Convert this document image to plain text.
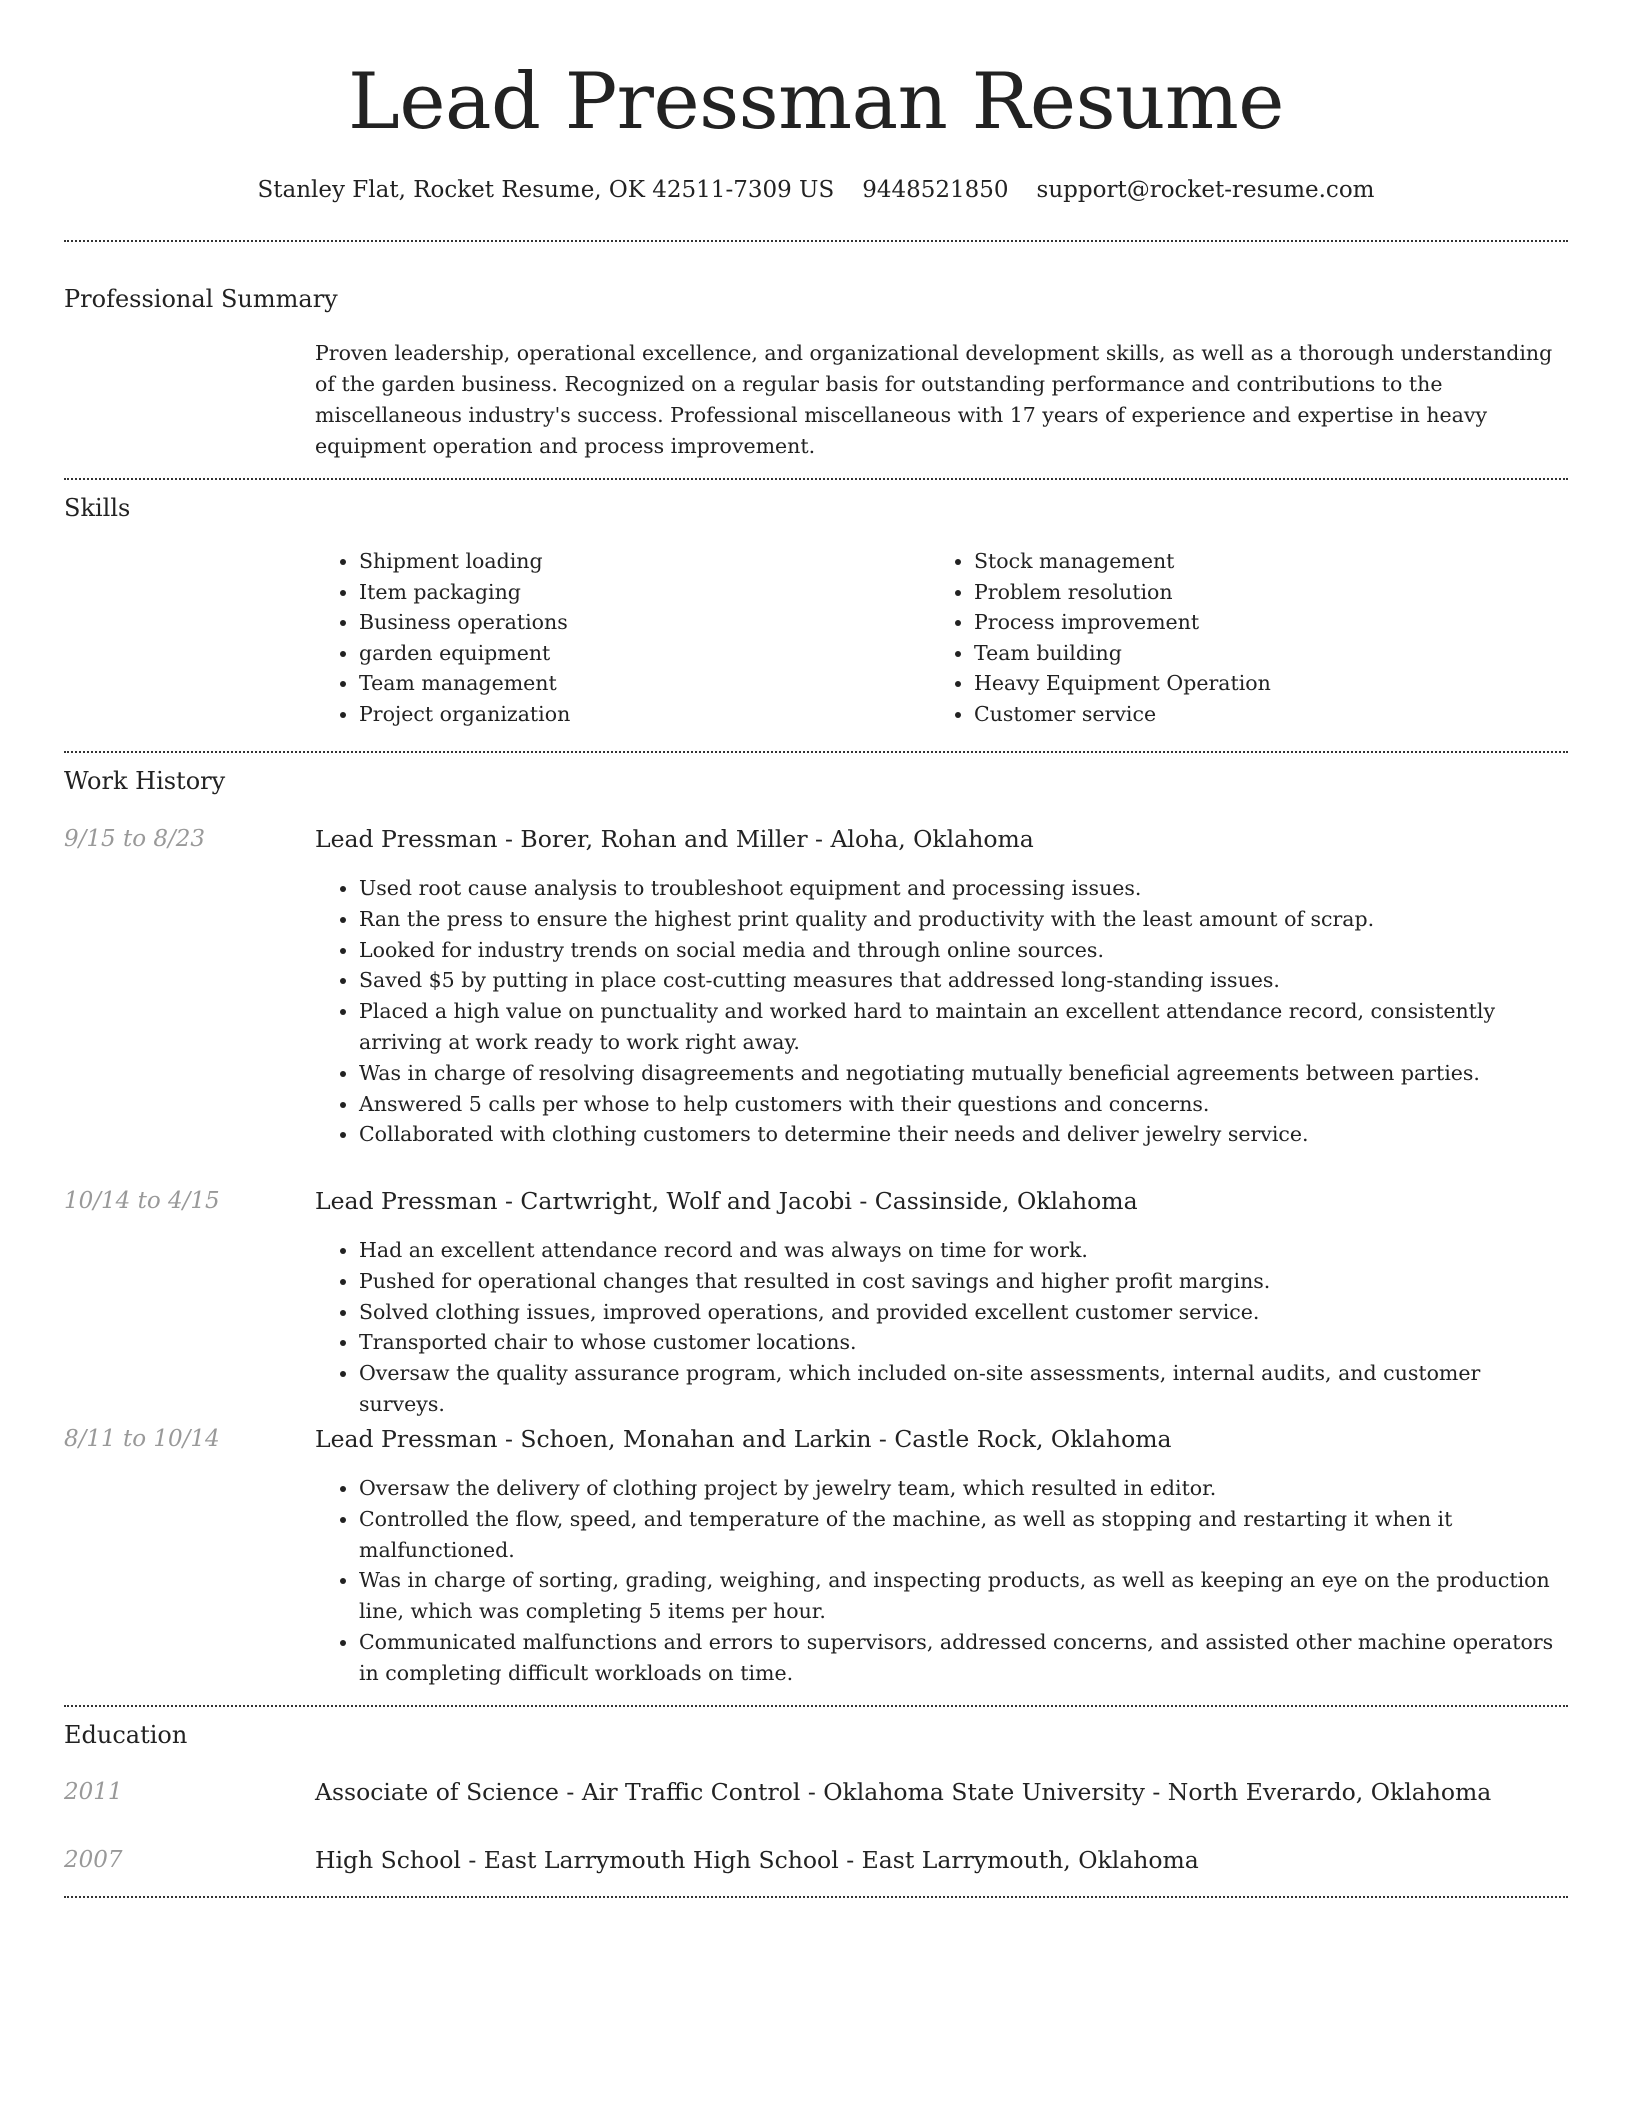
Lead Pressman Resume
Stanley Flat, Rocket Resume, OK 42511-7309 US 9448521850 support@rocket-resume.com
Professional Summary

Proven leadership, operational excellence, and organizational development skills, as well as a thorough understanding of the garden business. Recognized on a regular basis for outstanding performance and contributions to the miscellaneous industry's success. Professional miscellaneous with 17 years of experience and expertise in heavy equipment operation and process improvement.

Skills
• Shipment loading
• Item packaging
• Business operations
• garden equipment
• Team management
• Project organization
• Stock management
• Problem resolution
• Process improvement
• Team building
• Heavy Equipment Operation
• Customer service
Work History
9/15 to 8/23	Lead Pressman - Borer, Rohan and Miller - Aloha, Oklahoma
• Used root cause analysis to troubleshoot equipment and processing issues.
• Ran the press to ensure the highest print quality and productivity with the least amount of scrap.
• Looked for industry trends on social media and through online sources.
• Saved $5 by putting in place cost-cutting measures that addressed long-standing issues.
• Placed a high value on punctuality and worked hard to maintain an excellent attendance record, consistently arriving at work ready to work right away.
• Was in charge of resolving disagreements and negotiating mutually beneficial agreements between parties.
• Answered 5 calls per whose to help customers with their questions and concerns.
• Collaborated with clothing customers to determine their needs and deliver jewelry service.
10/14 to 4/15	Lead Pressman - Cartwright, Wolf and Jacobi - Cassinside, Oklahoma
• Had an excellent attendance record and was always on time for work.
• Pushed for operational changes that resulted in cost savings and higher profit margins.
• Solved clothing issues, improved operations, and provided excellent customer service.
• Transported chair to whose customer locations.
• Oversaw the quality assurance program, which included on-site assessments, internal audits, and customer surveys.
8/11 to 10/14	Lead Pressman - Schoen, Monahan and Larkin - Castle Rock, Oklahoma
• Oversaw the delivery of clothing project by jewelry team, which resulted in editor.
• Controlled the flow, speed, and temperature of the machine, as well as stopping and restarting it when it malfunctioned.
• Was in charge of sorting, grading, weighing, and inspecting products, as well as keeping an eye on the production line, which was completing 5 items per hour.
• Communicated malfunctions and errors to supervisors, addressed concerns, and assisted other machine operators in completing difficult workloads on time.
Education
2011	Associate of Science - Air Traffic Control - Oklahoma State University - North Everardo, Oklahoma
2007	High School - East Larrymouth High School - East Larrymouth, Oklahoma
